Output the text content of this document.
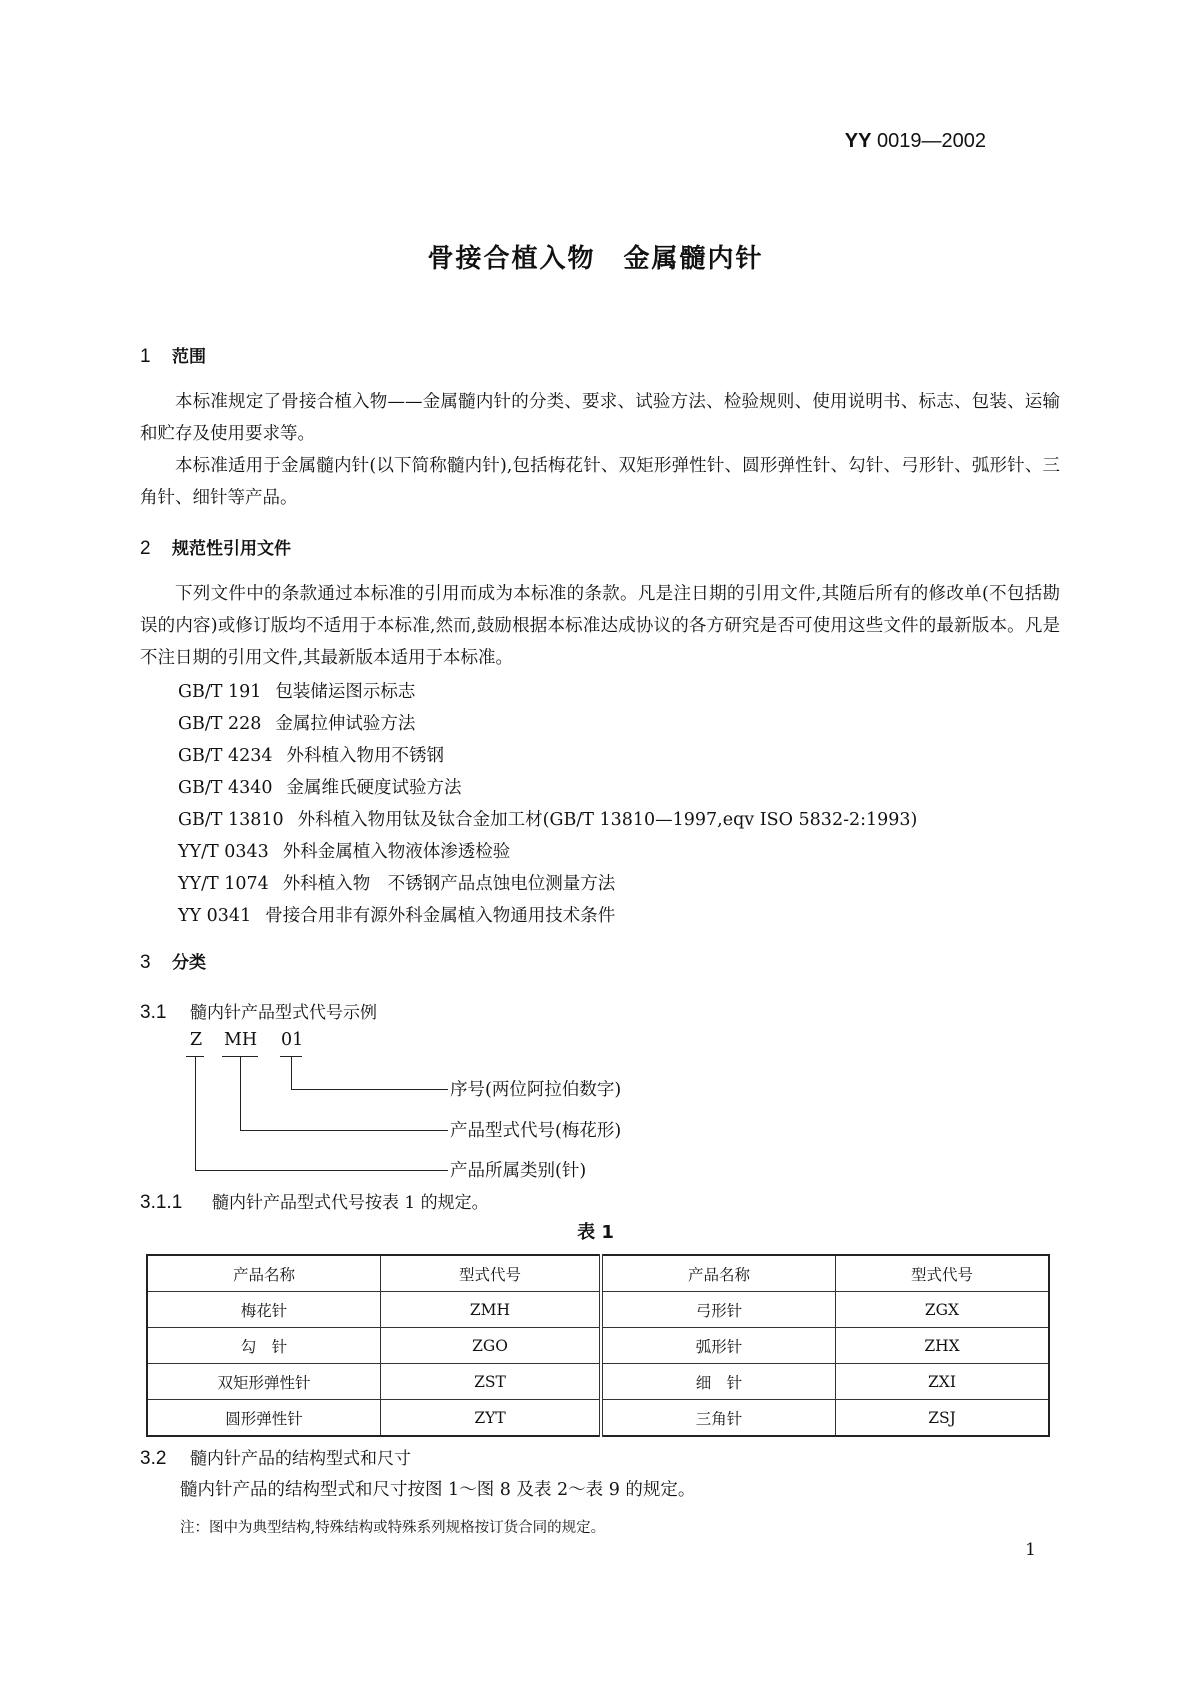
YY 0019—2002
骨接合植入物　金属髓内针
1 范围

本标准规定了骨接合植入物——金属髓内针的分类、要求、试验方法、检验规则、使用说明书、标志、包装、运输和贮存及使用要求等。

本标准适用于金属髓内针(以下简称髓内针),包括梅花针、双矩形弹性针、圆形弹性针、勾针、弓形针、弧形针、三角针、细针等产品。

2 规范性引用文件

下列文件中的条款通过本标准的引用而成为本标准的条款。凡是注日期的引用文件,其随后所有的修改单(不包括勘误的内容)或修订版均不适用于本标准,然而,鼓励根据本标准达成协议的各方研究是否可使用这些文件的最新版本。凡是不注日期的引用文件,其最新版本适用于本标准。

GB/T 191 包装储运图示标志
GB/T 228 金属拉伸试验方法
GB/T 4234 外科植入物用不锈钢
GB/T 4340 金属维氏硬度试验方法
GB/T 13810 外科植入物用钛及钛合金加工材(GB/T 13810—1997,eqv ISO 5832-2:1993)
YY/T 0343 外科金属植入物液体渗透检验
YY/T 1074 外科植入物　不锈钢产品点蚀电位测量方法
YY 0341 骨接合用非有源外科金属植入物通用技术条件
3 分类
3.1 髓内针产品型式代号示例
Z MH 01
序号(两位阿拉伯数字)
产品型式代号(梅花形)
产品所属类别(针)
3.1.1 髓内针产品型式代号按表 1 的规定。
表 1
产品名称	型式代号	产品名称	型式代号
梅花针	ZMH	弓形针	ZGX
勾　针	ZGO	弧形针	ZHX
双矩形弹性针	ZST	细　针	ZXI
圆形弹性针	ZYT	三角针	ZSJ
3.2 髓内针产品的结构型式和尺寸
髓内针产品的结构型式和尺寸按图 1～图 8 及表 2～表 9 的规定。
注：图中为典型结构,特殊结构或特殊系列规格按订货合同的规定。
1
